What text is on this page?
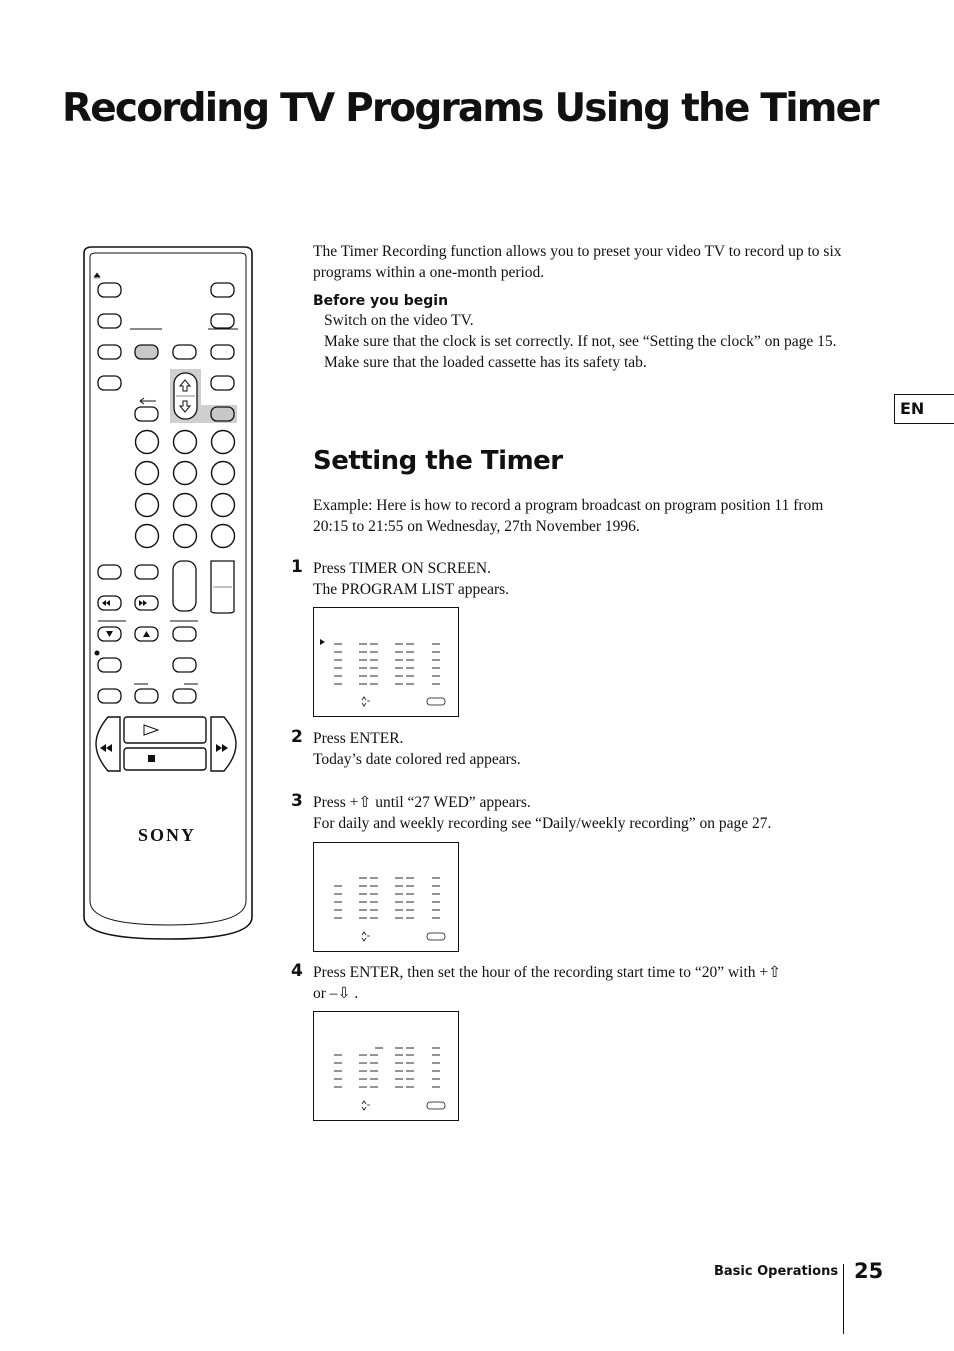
Recording TV Programs Using the Timer
SONY

The Timer Recording function allows you to preset your video TV to record up to six programs within a one-month period.

Before you begin

Switch on the video TV.

Make sure that the clock is set correctly. If not, see “Setting the clock” on page 15.

Make sure that the loaded cassette has its safety tab.

EN
Setting the Timer

Example: Here is how to record a program broadcast on program position 11 from 20:15 to 21:55 on Wednesday, 27th November 1996.

1 Press TIMER ON SCREEN.

The PROGRAM LIST appears.

2 Press ENTER.

Today’s date colored red appears.

3 Press +⇧ until “27 WED” appears.

For daily and weekly recording see “Daily/weekly recording” on page 27.

4 Press ENTER, then set the hour of the recording start time to “20” with +⇧

or –⇩ .

Basic Operations 25
